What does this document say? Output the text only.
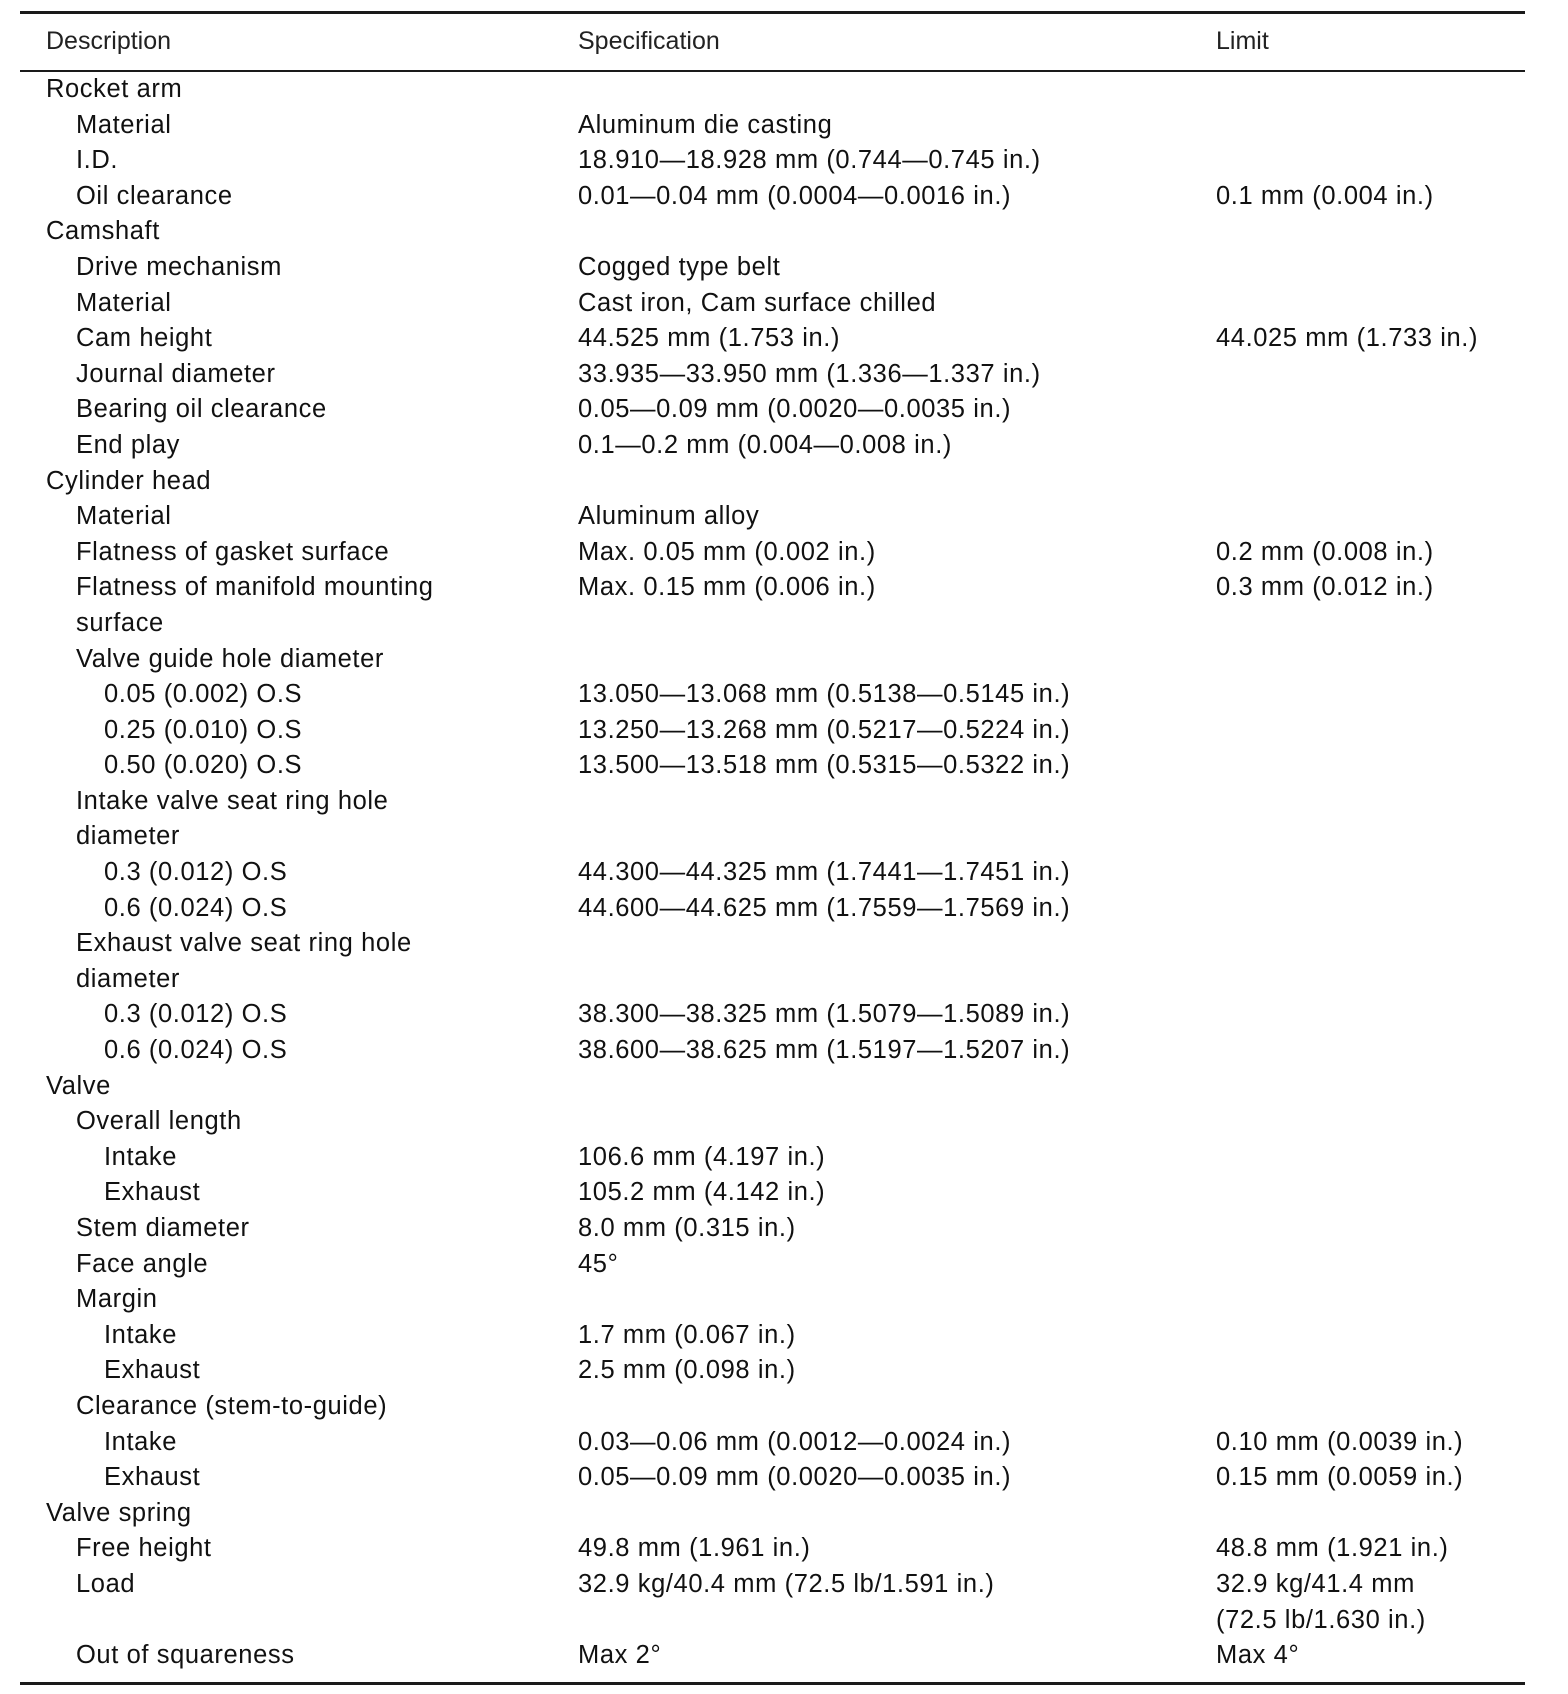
Description	Specification	Limit
Rocket arm
Material	Aluminum die casting
I.D.	18.910—18.928 mm (0.744—0.745 in.)
Oil clearance	0.01—0.04 mm (0.0004—0.0016 in.)	0.1 mm (0.004 in.)
Camshaft
Drive mechanism	Cogged type belt
Material	Cast iron, Cam surface chilled
Cam height	44.525 mm (1.753 in.)	44.025 mm (1.733 in.)
Journal diameter	33.935—33.950 mm (1.336—1.337 in.)
Bearing oil clearance	0.05—0.09 mm (0.0020—0.0035 in.)
End play	0.1—0.2 mm (0.004—0.008 in.)
Cylinder head
Material	Aluminum alloy
Flatness of gasket surface	Max. 0.05 mm (0.002 in.)	0.2 mm (0.008 in.)
Flatness of manifold mounting
surface
Max. 0.15 mm (0.006 in.)	0.3 mm (0.012 in.)
Valve guide hole diameter
0.05 (0.002) O.S	13.050—13.068 mm (0.5138—0.5145 in.)
0.25 (0.010) O.S	13.250—13.268 mm (0.5217—0.5224 in.)
0.50 (0.020) O.S	13.500—13.518 mm (0.5315—0.5322 in.)
Intake valve seat ring hole
diameter
0.3 (0.012) O.S	44.300—44.325 mm (1.7441—1.7451 in.)
0.6 (0.024) O.S	44.600—44.625 mm (1.7559—1.7569 in.)
Exhaust valve seat ring hole
diameter
0.3 (0.012) O.S	38.300—38.325 mm (1.5079—1.5089 in.)
0.6 (0.024) O.S	38.600—38.625 mm (1.5197—1.5207 in.)
Valve
Overall length
Intake	106.6 mm (4.197 in.)
Exhaust	105.2 mm (4.142 in.)
Stem diameter	8.0 mm (0.315 in.)
Face angle	45°
Margin
Intake	1.7 mm (0.067 in.)
Exhaust	2.5 mm (0.098 in.)
Clearance (stem-to-guide)
Intake	0.03—0.06 mm (0.0012—0.0024 in.)	0.10 mm (0.0039 in.)
Exhaust	0.05—0.09 mm (0.0020—0.0035 in.)	0.15 mm (0.0059 in.)
Valve spring
Free height	49.8 mm (1.961 in.)	48.8 mm (1.921 in.)
Load	32.9 kg/40.4 mm (72.5 lb/1.591 in.)	32.9 kg/41.4 mm
(72.5 lb/1.630 in.)
Out of squareness	Max 2°	Max 4°
